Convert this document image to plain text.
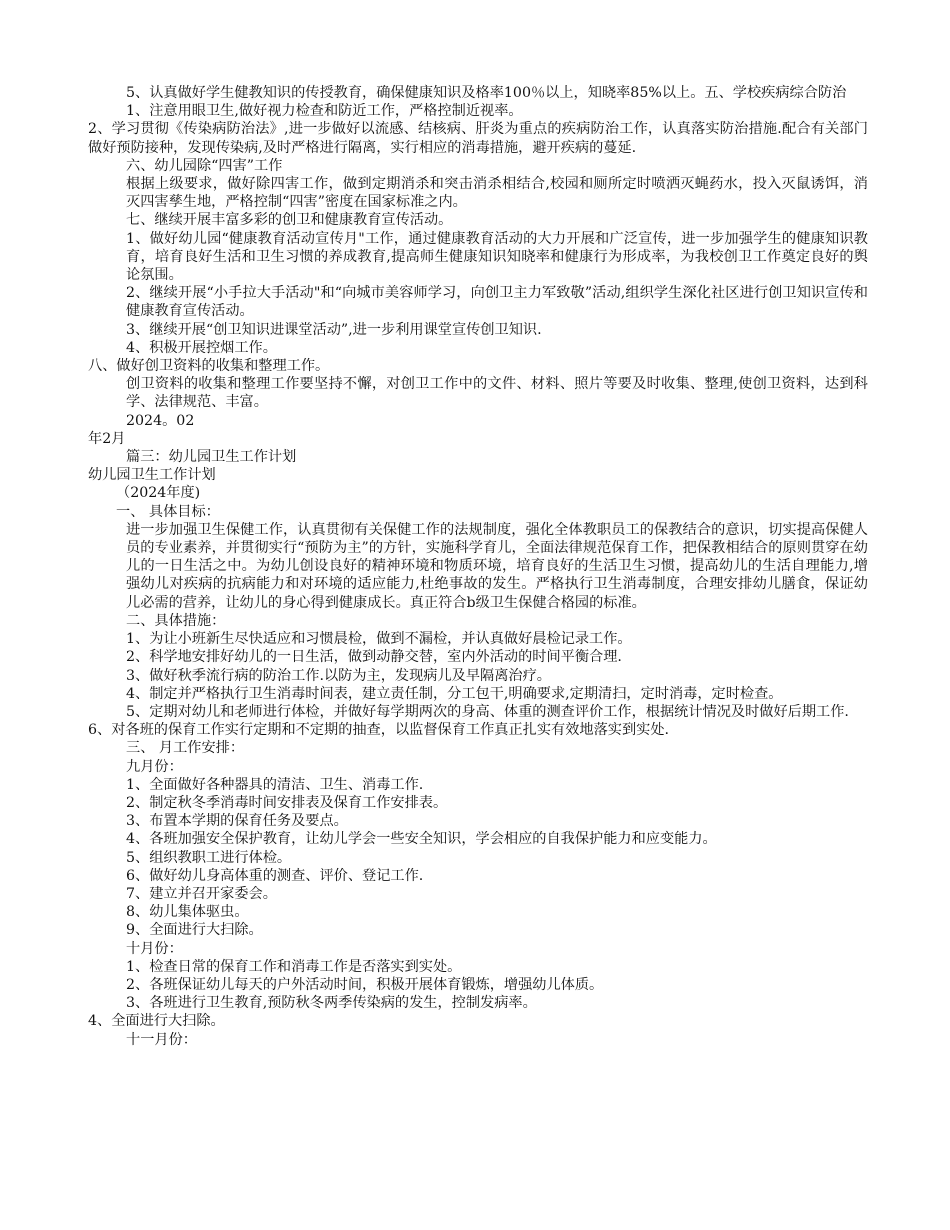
5、认真做好学生健教知识的传授教育，确保健康知识及格率100％以上，知晓率85%以上。五、学校疾病综合防治
1、注意用眼卫生,做好视力检查和防近工作，严格控制近视率。
2、学习贯彻《传染病防治法》,进一步做好以流感、结核病、肝炎为重点的疾病防治工作，认真落实防治措施.配合有关部门做好预防接种，发现传染病,及时严格进行隔离，实行相应的消毒措施，避开疾病的蔓延.
六、幼儿园除“四害”工作
根据上级要求，做好除四害工作，做到定期消杀和突击消杀相结合,校园和厕所定时喷洒灭蝇药水，投入灭鼠诱饵，消灭四害孳生地，严格控制“四害”密度在国家标准之内。
七、继续开展丰富多彩的创卫和健康教育宣传活动。
1、做好幼儿园“健康教育活动宣传月"工作，通过健康教育活动的大力开展和广泛宣传，进一步加强学生的健康知识教育，培育良好生活和卫生习惯的养成教育,提高师生健康知识知晓率和健康行为形成率，为我校创卫工作奠定良好的舆论氛围。
2、继续开展“小手拉大手活动"和“向城市美容师学习，向创卫主力军致敬”活动,组织学生深化社区进行创卫知识宣传和健康教育宣传活动。
3、继续开展“创卫知识进课堂活动”,进一步利用课堂宣传创卫知识.
4、积极开展控烟工作。
八、做好创卫资料的收集和整理工作。
创卫资料的收集和整理工作要坚持不懈，对创卫工作中的文件、材料、照片等要及时收集、整理,使创卫资料，达到科学、法律规范、丰富。
2024。02
年2月
篇三：幼儿园卫生工作计划
幼儿园卫生工作计划
（2024年度)
一、 具体目标：
进一步加强卫生保健工作，认真贯彻有关保健工作的法规制度，强化全体教职员工的保教结合的意识，切实提高保健人员的专业素养，并贯彻实行“预防为主”的方针，实施科学育儿，全面法律规范保育工作，把保教相结合的原则贯穿在幼儿的一日生活之中。为幼儿创设良好的精神环境和物质环境，培育良好的生活卫生习惯，提高幼儿的生活自理能力,增强幼儿对疾病的抗病能力和对环境的适应能力,杜绝事故的发生。严格执行卫生消毒制度，合理安排幼儿膳食，保证幼儿必需的营养，让幼儿的身心得到健康成长。真正符合b级卫生保健合格园的标准。
二、具体措施：
1、为让小班新生尽快适应和习惯晨检，做到不漏检，并认真做好晨检记录工作。
2、科学地安排好幼儿的一日生活，做到动静交替，室内外活动的时间平衡合理.
3、做好秋季流行病的防治工作.以防为主，发现病儿及早隔离治疗。
4、制定并严格执行卫生消毒时间表，建立责任制，分工包干,明确要求,定期清扫，定时消毒，定时检查。
5、定期对幼儿和老师进行体检，并做好每学期两次的身高、体重的测查评价工作，根据统计情况及时做好后期工作.
6、对各班的保育工作实行定期和不定期的抽查，以监督保育工作真正扎实有效地落实到实处.
三、 月工作安排：
九月份：
1、全面做好各种器具的清洁、卫生、消毒工作.
2、制定秋冬季消毒时间安排表及保育工作安排表。
3、布置本学期的保育任务及要点。
4、各班加强安全保护教育，让幼儿学会一些安全知识，学会相应的自我保护能力和应变能力。
5、组织教职工进行体检。
6、做好幼儿身高体重的测查、评价、登记工作.
7、建立并召开家委会。
8、幼儿集体驱虫。
9、全面进行大扫除。
十月份：
1、检查日常的保育工作和消毒工作是否落实到实处。
2、各班保证幼儿每天的户外活动时间，积极开展体育锻炼，增强幼儿体质。
3、各班进行卫生教育,预防秋冬两季传染病的发生，控制发病率。
4、全面进行大扫除。
十一月份：
